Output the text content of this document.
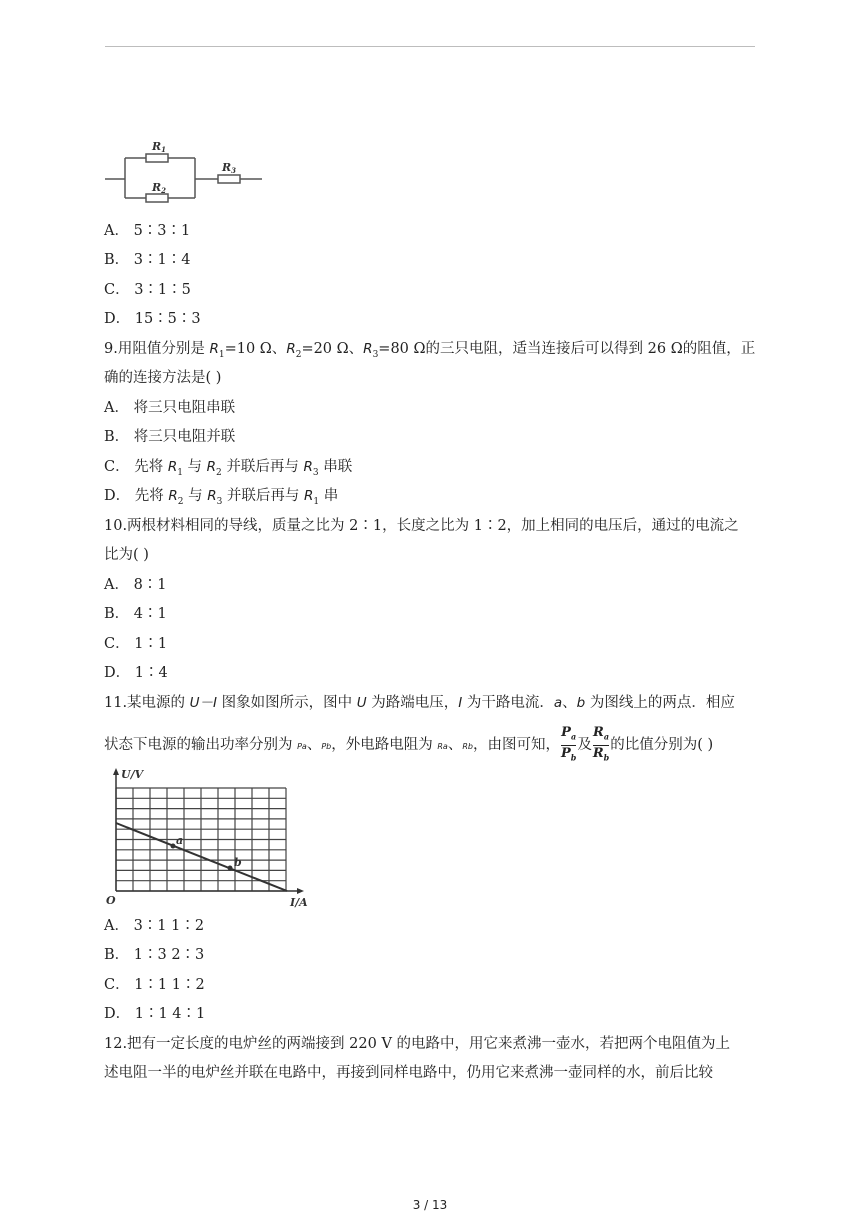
R1
R2
R3
A． 5∶3∶1
B． 3∶1∶4
C． 3∶1∶5
D． 15∶5∶3
9.用阻值分别是 $R_1=10$ Ω、$R_2=20$ Ω、$R_3=80$ Ω的三只电阻，适当连接后可以得到 26 Ω的阻值，正
确的连接方法是( )
A． 将三只电阻串联
B． 将三只电阻并联
C． 先将 $R_1$ 与 $R_2$ 并联后再与 $R_3$ 串联
D． 先将 $R_2$ 与 $R_3$ 并联后再与 $R_1$ 串
10.两根材料相同的导线，质量之比为 2∶1，长度之比为 1∶2，加上相同的电压后，通过的电流之
比为( )
A． 8∶1
B． 4∶1
C． 1∶1
D． 1∶4
11.某电源的 U－I 图象如图所示，图中 U 为路端电压，I 为干路电流．a、b 为图线上的两点．相应
状态下电源的输出功率分别为 Pa、Pb，外电路电阻为 Ra、Rb，由图可知， $\frac{P_a}{P_b}$ 及 $\frac{R_a}{R_b}$ 的比值分别为( )
U/V
I/A
O
a
b
A． 3∶1 1∶2
B． 1∶3 2∶3
C． 1∶1 1∶2
D． 1∶1 4∶1
12.把有一定长度的电炉丝的两端接到 220 V 的电路中，用它来煮沸一壶水，若把两个电阻值为上
述电阻一半的电炉丝并联在电路中，再接到同样电路中，仍用它来煮沸一壶同样的水，前后比较
3 / 13
